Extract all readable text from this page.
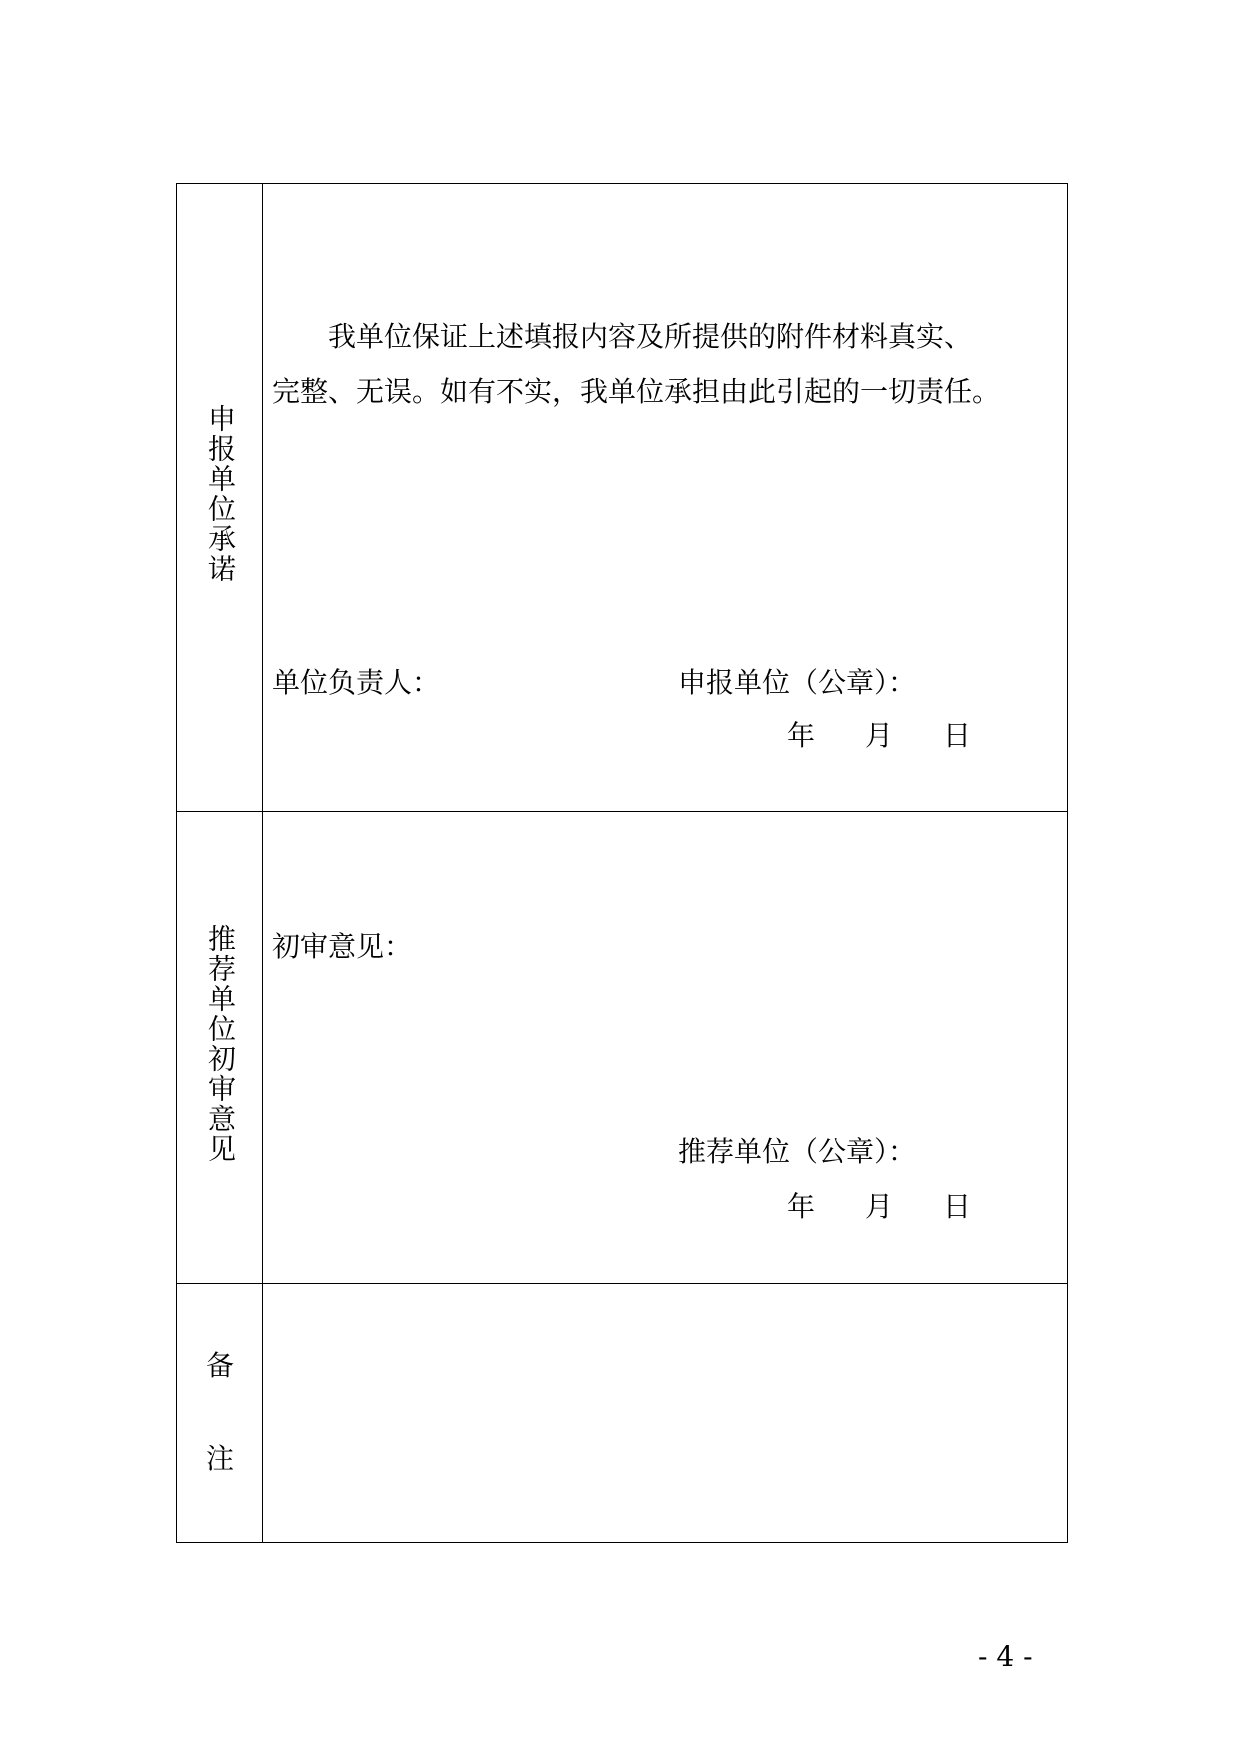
申报单位承诺
我单位保证上述填报内容及所提供的附件材料真实、
完整、无误。如有不实，我单位承担由此引起的一切责任。
单位负责人：	申报单位（公章）：
年 月 日
推荐单位初审意见	初审意见：
推荐单位（公章）：
年 月 日
备
注
- 4 -
